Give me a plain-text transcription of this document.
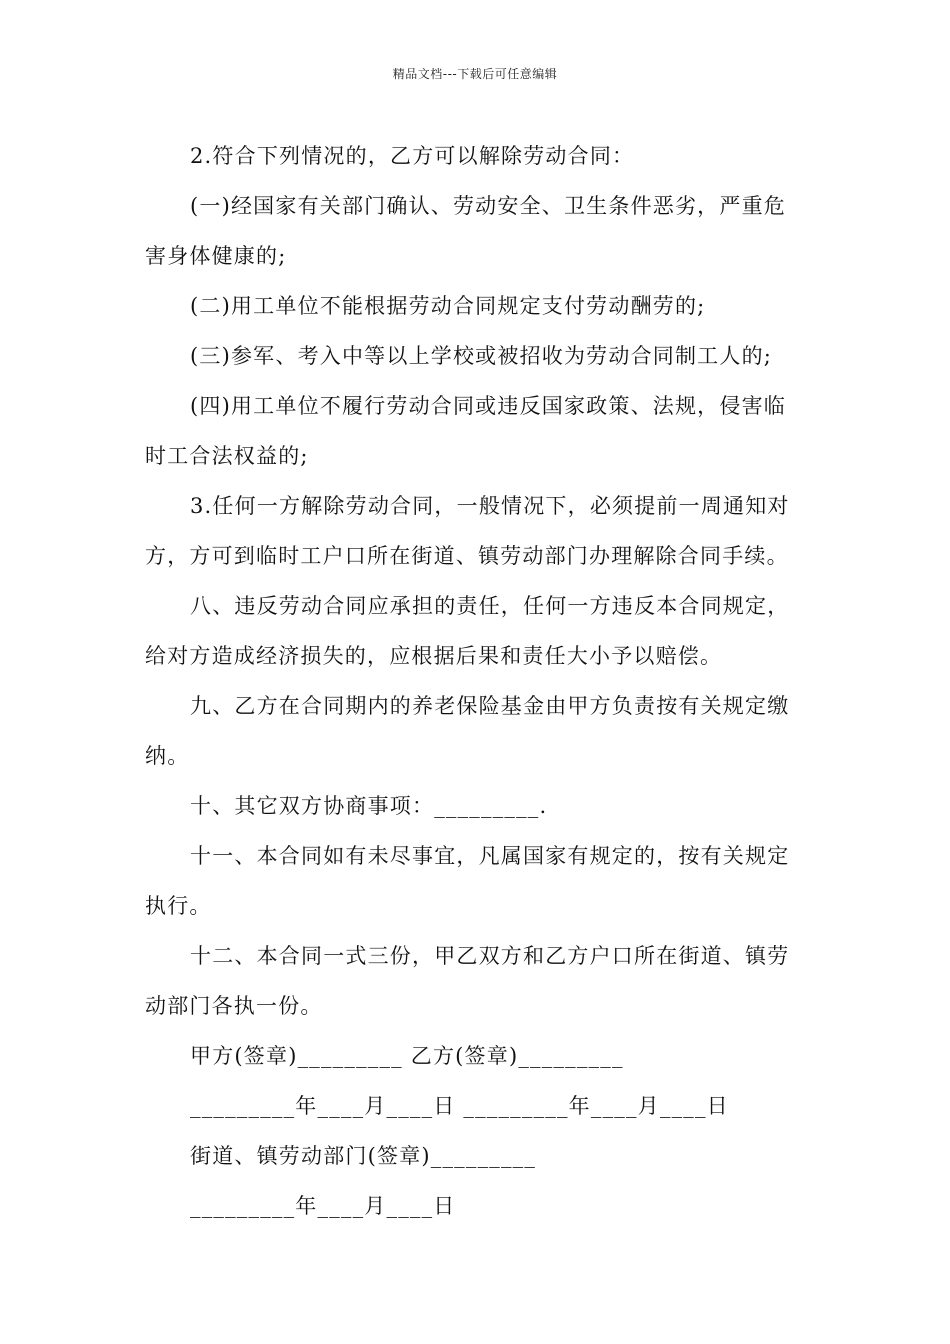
精品文档---下载后可任意编辑
2.符合下列情况的，乙方可以解除劳动合同：
(一)经国家有关部门确认、劳动安全、卫生条件恶劣，严重危
害身体健康的;
(二)用工单位不能根据劳动合同规定支付劳动酬劳的;
(三)参军、考入中等以上学校或被招收为劳动合同制工人的;
(四)用工单位不履行劳动合同或违反国家政策、法规，侵害临
时工合法权益的;
3.任何一方解除劳动合同，一般情况下，必须提前一周通知对
方，方可到临时工户口所在街道、镇劳动部门办理解除合同手续。
八、违反劳动合同应承担的责任，任何一方违反本合同规定，
给对方造成经济损失的，应根据后果和责任大小予以赔偿。
九、乙方在合同期内的养老保险基金由甲方负责按有关规定缴
纳。
十、其它双方协商事项：_________.
十一、本合同如有未尽事宜，凡属国家有规定的，按有关规定
执行。
十二、本合同一式三份，甲乙双方和乙方户口所在街道、镇劳
动部门各执一份。
甲方(签章)_________ 乙方(签章)_________
_________年____月____日 _________年____月____日
街道、镇劳动部门(签章)_________
_________年____月____日
